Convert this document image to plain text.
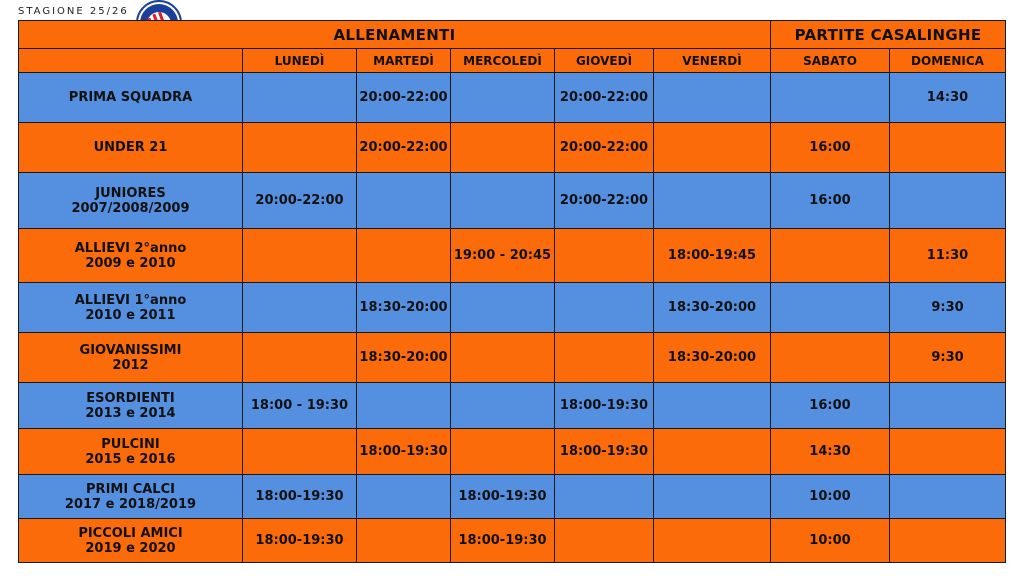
STAGIONE 25/26
ALLENAMENTI						PARTITE CASALINGHE	
	LUNEDÌ	MARTEDÌ	MERCOLEDÌ	GIOVEDÌ	VENERDÌ	SABATO	DOMENICA

PRIMA SQUADRA		20:00-22:00		20:00-22:00			14:30

UNDER 21		20:00-22:00		20:00-22:00		16:00	

JUNIORES
2007/2008/2009	20:00-22:00			20:00-22:00		16:00	

ALLIEVI 2°anno
2009 e 2010			19:00 - 20:45		18:00-19:45		11:30

ALLIEVI 1°anno
2010 e 2011		18:30-20:00			18:30-20:00		9:30

GIOVANISSIMI
2012		18:30-20:00			18:30-20:00		9:30

ESORDIENTI
2013 e 2014	18:00 - 19:30			18:00-19:30		16:00	

PULCINI
2015 e 2016		18:00-19:30		18:00-19:30		14:30	

PRIMI CALCI
2017 e 2018/2019	18:00-19:30		18:00-19:30			10:00	

PICCOLI AMICI
2019 e 2020	18:00-19:30		18:00-19:30			10:00	
